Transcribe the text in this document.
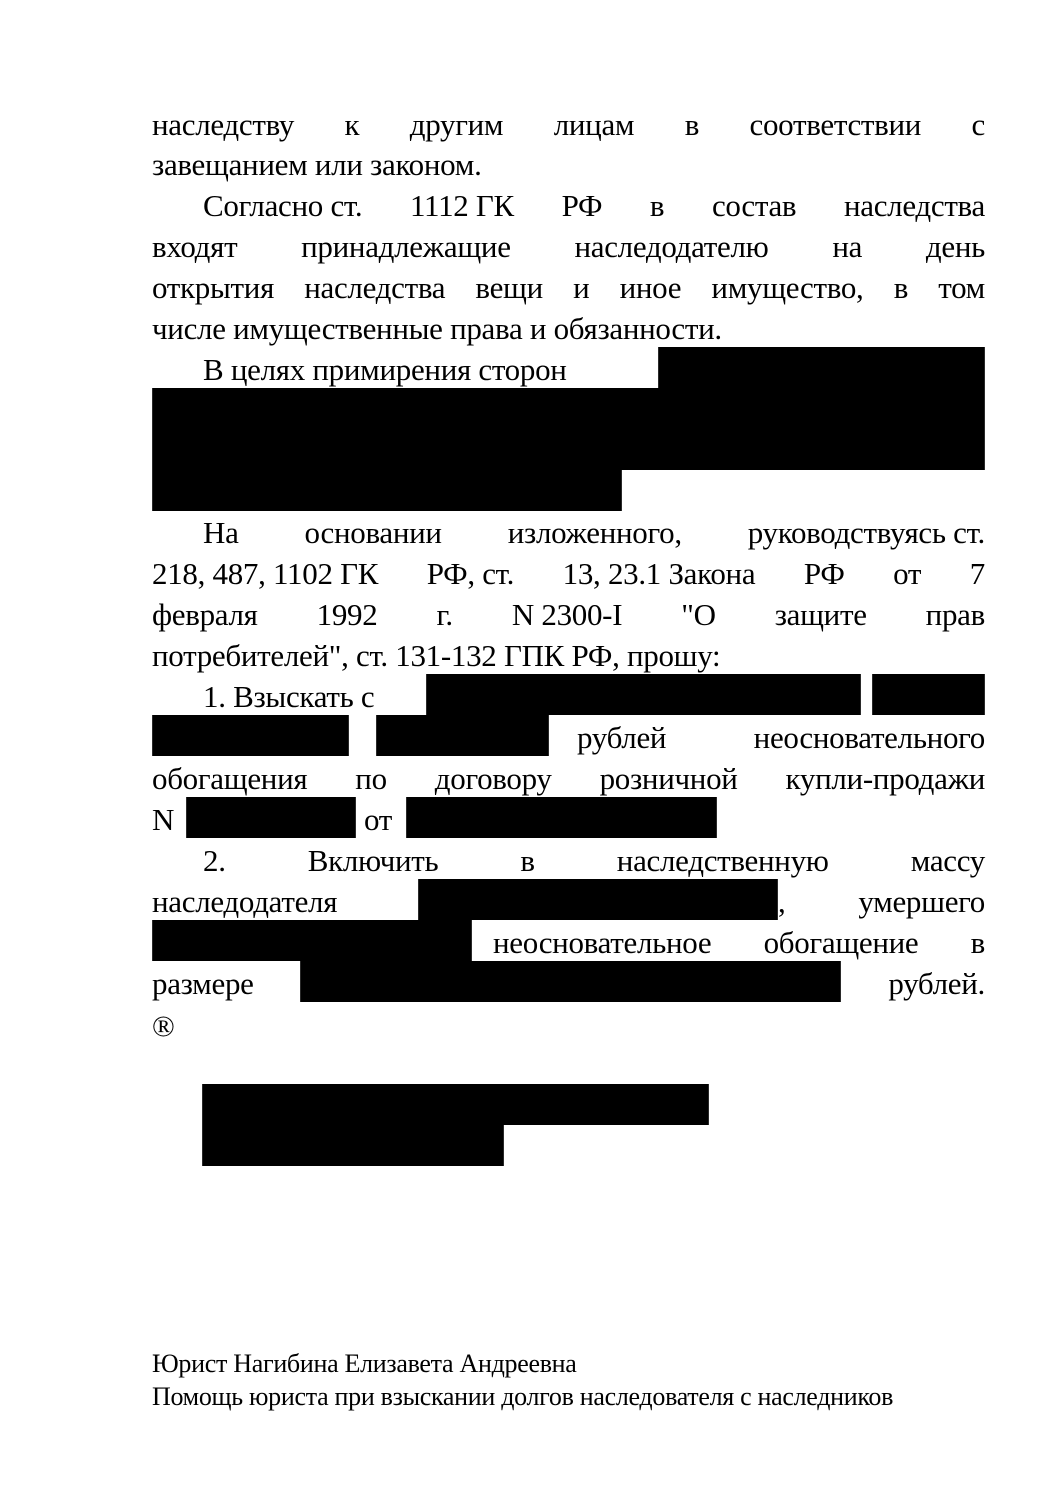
наследству к другим лицам в соответствии с
завещанием или законом.
Согласно ст. 1112 ГК РФ в состав наследства
входят принадлежащие наследодателю на день
открытия наследства вещи и иное имущество, в том
числе имущественные права и обязанности.
В целях примирения сторон
На основании изложенного, руководствуясь ст.
218, 487, 1102 ГК РФ, ст. 13, 23.1 Закона РФ от 7
февраля 1992 г. N 2300-I "О защите прав
потребителей", ст. 131-132 ГПК РФ, прошу:
1. Взыскать с
рублей неосновательного
обогащения по договору розничной купли-продажи
N	от
2.	Включить	в	наследственную	массу
наследодателя	,	умершего
неосновательное обогащение в
размере	рублей.
®
Юрист Нагибина Елизавета Андреевна
Помощь юриста при взыскании долгов наследователя с наследников
